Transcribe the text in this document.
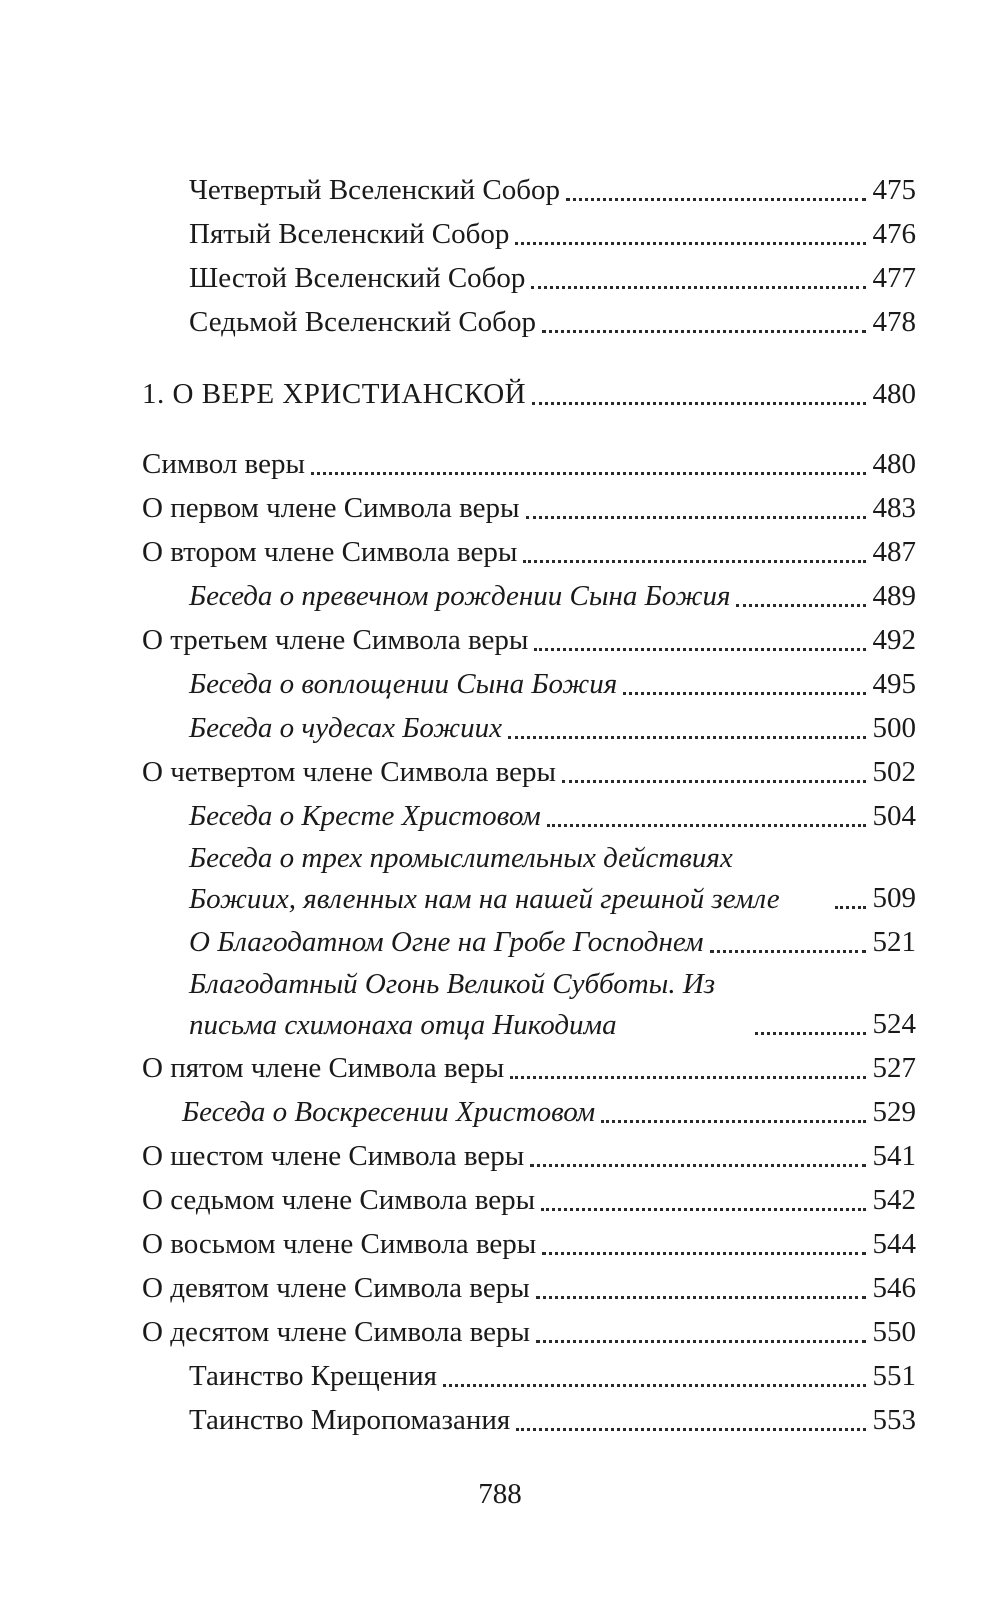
Четвертый Вселенский Собор	475
Пятый Вселенский Собор	476
Шестой Вселенский Собор	477
Седьмой Вселенский Собор	478
1. О ВЕРЕ ХРИСТИАНСКОЙ	480
Символ веры	480
О первом члене Символа веры	483
О втором члене Символа веры	487
Беседа о превечном рождении Сына Божия	489
О третьем члене Символа веры	492
Беседа о воплощении Сына Божия	495
Беседа о чудесах Божиих	500
О четвертом члене Символа веры	502
Беседа о Кресте Христовом	504
Беседа о трех промыслительных действиях Божиих, явленных нам на нашей грешной земле	509
О Благодатном Огне на Гробе Господнем	521
Благодатный Огонь Великой Субботы. Из письма схимонаха отца Никодима	524
О пятом члене Символа веры	527
Беседа о Воскресении Христовом	529
О шестом члене Символа веры	541
О седьмом члене Символа веры	542
О восьмом члене Символа веры	544
О девятом члене Символа веры	546
О десятом члене Символа веры	550
Таинство Крещения	551
Таинство Миропомазания	553
788
